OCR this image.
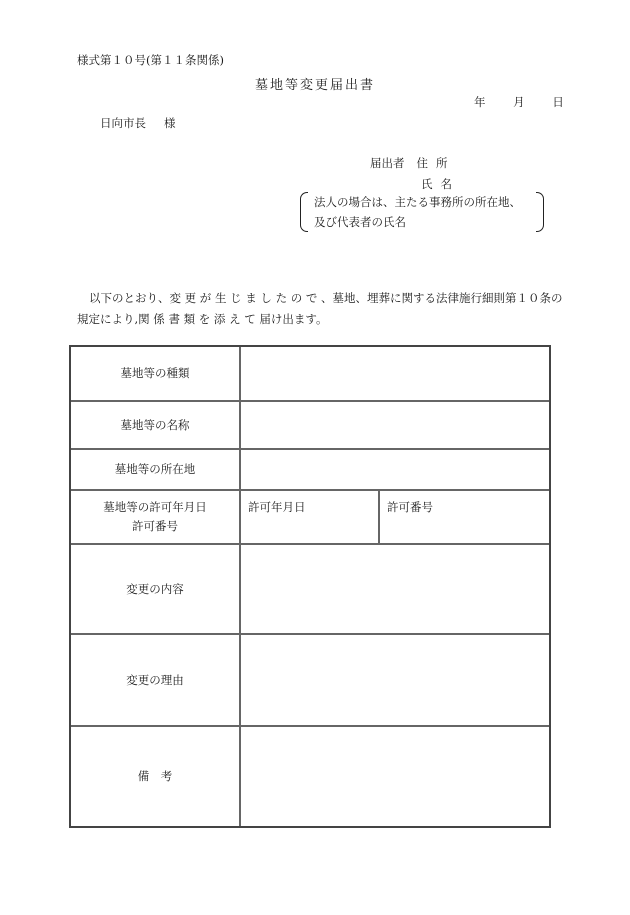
様式第１０号(第１１条関係)
墓地等変更届出書
年 月 日
日向市長 様
届出者 住所
氏名
法人の場合は、主たる事務所の所在地、
及び代表者の氏名
以下のとおり、変 更 が 生 じ ま し た の で 、墓地、埋葬に関する法律施行細則第１０条の
規定により,関 係 書 類 を 添 え て 届け出ます。
墓地等の種類
墓地等の名称
墓地等の所在地
墓地等の許可年月日
許可番号
許可年月日	許可番号
変更の内容
変更の理由
備　考
